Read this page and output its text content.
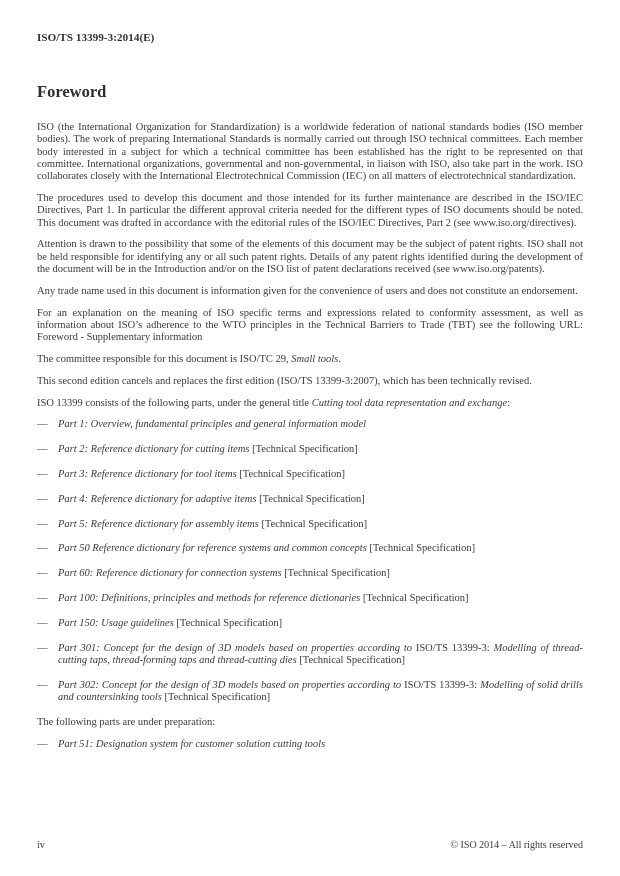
ISO/TS 13399-3:2014(E)
Foreword

ISO (the International Organization for Standardization) is a worldwide federation of national standards bodies (ISO member bodies). The work of preparing International Standards is normally carried out through ISO technical committees. Each member body interested in a subject for which a technical committee has been established has the right to be represented on that committee. International organizations, governmental and non-governmental, in liaison with ISO, also take part in the work. ISO collaborates closely with the International Electrotechnical Commission (IEC) on all matters of electrotechnical standardization.

The procedures used to develop this document and those intended for its further maintenance are described in the ISO/IEC Directives, Part 1. In particular the different approval criteria needed for the different types of ISO documents should be noted. This document was drafted in accordance with the editorial rules of the ISO/IEC Directives, Part 2 (see www.iso.org/directives).

Attention is drawn to the possibility that some of the elements of this document may be the subject of patent rights. ISO shall not be held responsible for identifying any or all such patent rights. Details of any patent rights identified during the development of the document will be in the Introduction and/or on the ISO list of patent declarations received (see www.iso.org/patents).

Any trade name used in this document is information given for the convenience of users and does not constitute an endorsement.

For an explanation on the meaning of ISO specific terms and expressions related to conformity assessment, as well as information about ISO’s adherence to the WTO principles in the Technical Barriers to Trade (TBT) see the following URL: Foreword - Supplementary information

The committee responsible for this document is ISO/TC 29, Small tools.

This second edition cancels and replaces the first edition (ISO/TS 13399-3:2007), which has been technically revised.

ISO 13399 consists of the following parts, under the general title Cutting tool data representation and exchange:

—	Part 1: Overview, fundamental principles and general information model
—	Part 2: Reference dictionary for cutting items [Technical Specification]
—	Part 3: Reference dictionary for tool items [Technical Specification]
—	Part 4: Reference dictionary for adaptive items [Technical Specification]
—	Part 5: Reference dictionary for assembly items [Technical Specification]
—	Part 50 Reference dictionary for reference systems and common concepts [Technical Specification]
—	Part 60: Reference dictionary for connection systems [Technical Specification]
—	Part 100: Definitions, principles and methods for reference dictionaries [Technical Specification]
—	Part 150: Usage guidelines [Technical Specification]
—	Part 301: Concept for the design of 3D models based on properties according to ISO/TS 13399-3: Modelling of thread-cutting taps, thread-forming taps and thread-cutting dies [Technical Specification]
—	Part 302: Concept for the design of 3D models based on properties according to ISO/TS 13399-3: Modelling of solid drills and countersinking tools [Technical Specification]

The following parts are under preparation:

—	Part 51: Designation system for customer solution cutting tools
iv	© ISO 2014 – All rights reserved
